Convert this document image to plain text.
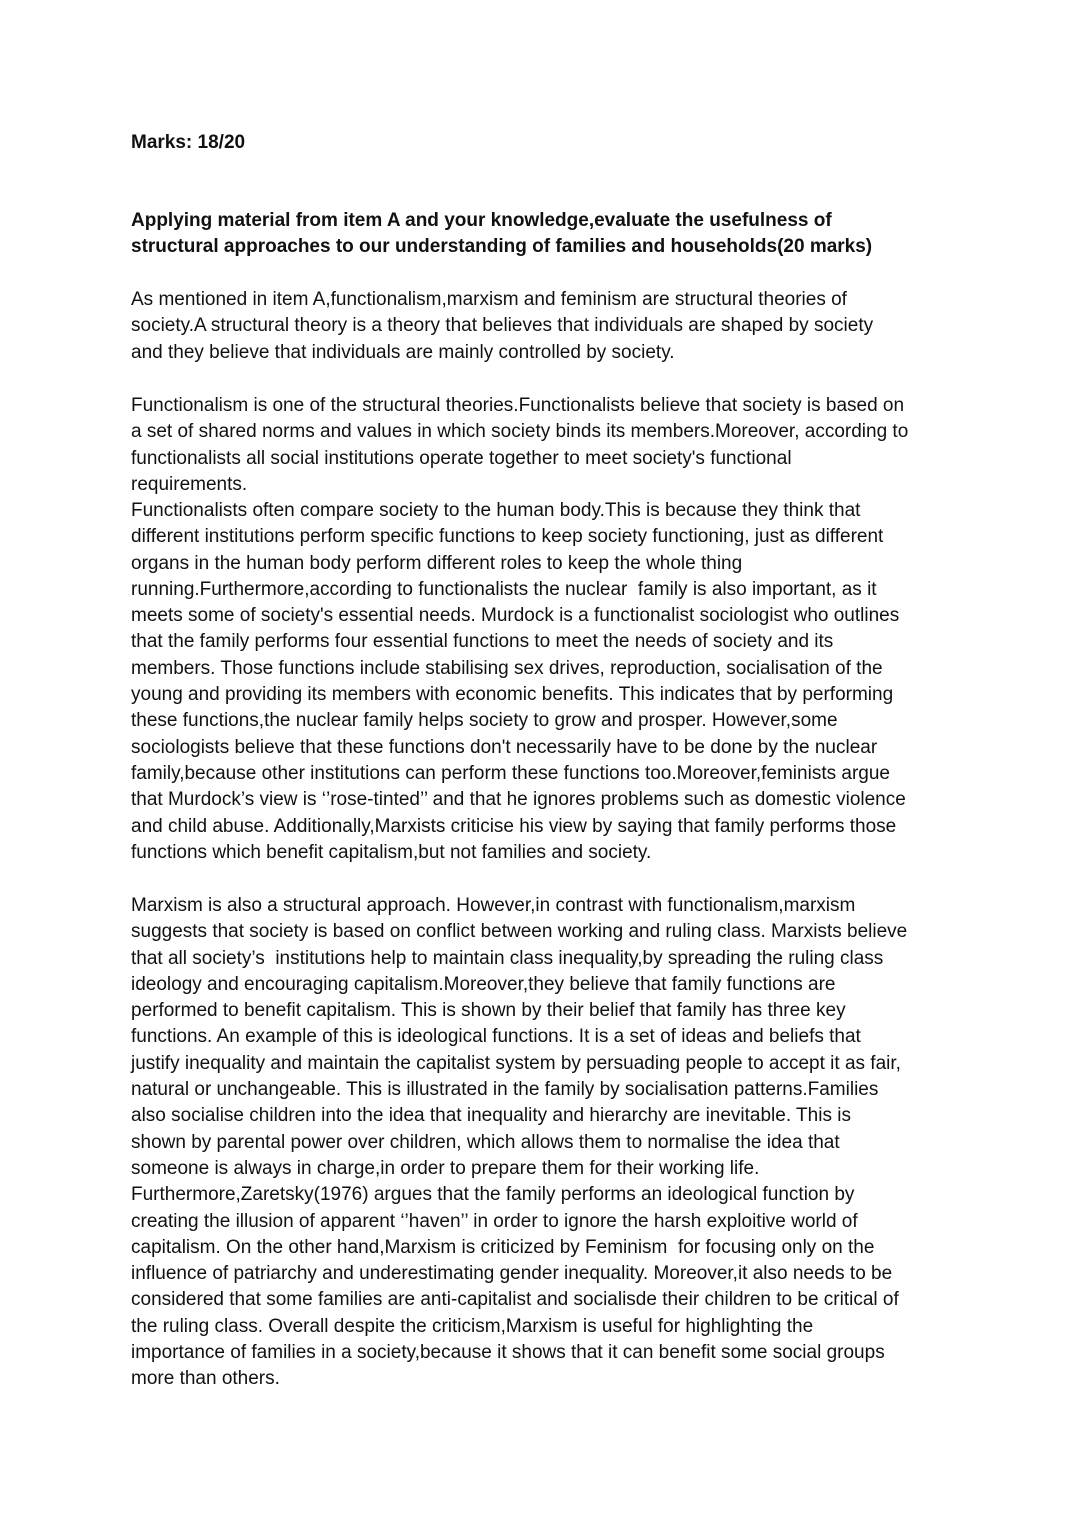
Marks: 18/20
Applying material from item A and your knowledge,evaluate the usefulness of
structural approaches to our understanding of families and households(20 marks)
As mentioned in item A,functionalism,marxism and feminism are structural theories of
society.A structural theory is a theory that believes that individuals are shaped by society
and they believe that individuals are mainly controlled by society.
Functionalism is one of the structural theories.Functionalists believe that society is based on
a set of shared norms and values in which society binds its members.Moreover, according to
functionalists all social institutions operate together to meet society's functional
requirements.
Functionalists often compare society to the human body.This is because they think that
different institutions perform specific functions to keep society functioning, just as different
organs in the human body perform different roles to keep the whole thing
running.Furthermore,according to functionalists the nuclear  family is also important, as it
meets some of society's essential needs. Murdock is a functionalist sociologist who outlines
that the family performs four essential functions to meet the needs of society and its
members. Those functions include stabilising sex drives, reproduction, socialisation of the
young and providing its members with economic benefits. This indicates that by performing
these functions,the nuclear family helps society to grow and prosper. However,some
sociologists believe that these functions don't necessarily have to be done by the nuclear
family,because other institutions can perform these functions too.Moreover,feminists argue
that Murdock’s view is ‘’rose-tinted’’ and that he ignores problems such as domestic violence
and child abuse. Additionally,Marxists criticise his view by saying that family performs those
functions which benefit capitalism,but not families and society.
Marxism is also a structural approach. However,in contrast with functionalism,marxism
suggests that society is based on conflict between working and ruling class. Marxists believe
that all society’s  institutions help to maintain class inequality,by spreading the ruling class
ideology and encouraging capitalism.Moreover,they believe that family functions are
performed to benefit capitalism. This is shown by their belief that family has three key
functions. An example of this is ideological functions. It is a set of ideas and beliefs that
justify inequality and maintain the capitalist system by persuading people to accept it as fair,
natural or unchangeable. This is illustrated in the family by socialisation patterns.Families
also socialise children into the idea that inequality and hierarchy are inevitable. This is
shown by parental power over children, which allows them to normalise the idea that
someone is always in charge,in order to prepare them for their working life.
Furthermore,Zaretsky(1976) argues that the family performs an ideological function by
creating the illusion of apparent ‘’haven’’ in order to ignore the harsh exploitive world of
capitalism. On the other hand,Marxism is criticized by Feminism  for focusing only on the
influence of patriarchy and underestimating gender inequality. Moreover,it also needs to be
considered that some families are anti-capitalist and socialisde their children to be critical of
the ruling class. Overall despite the criticism,Marxism is useful for highlighting the
importance of families in a society,because it shows that it can benefit some social groups
more than others.
